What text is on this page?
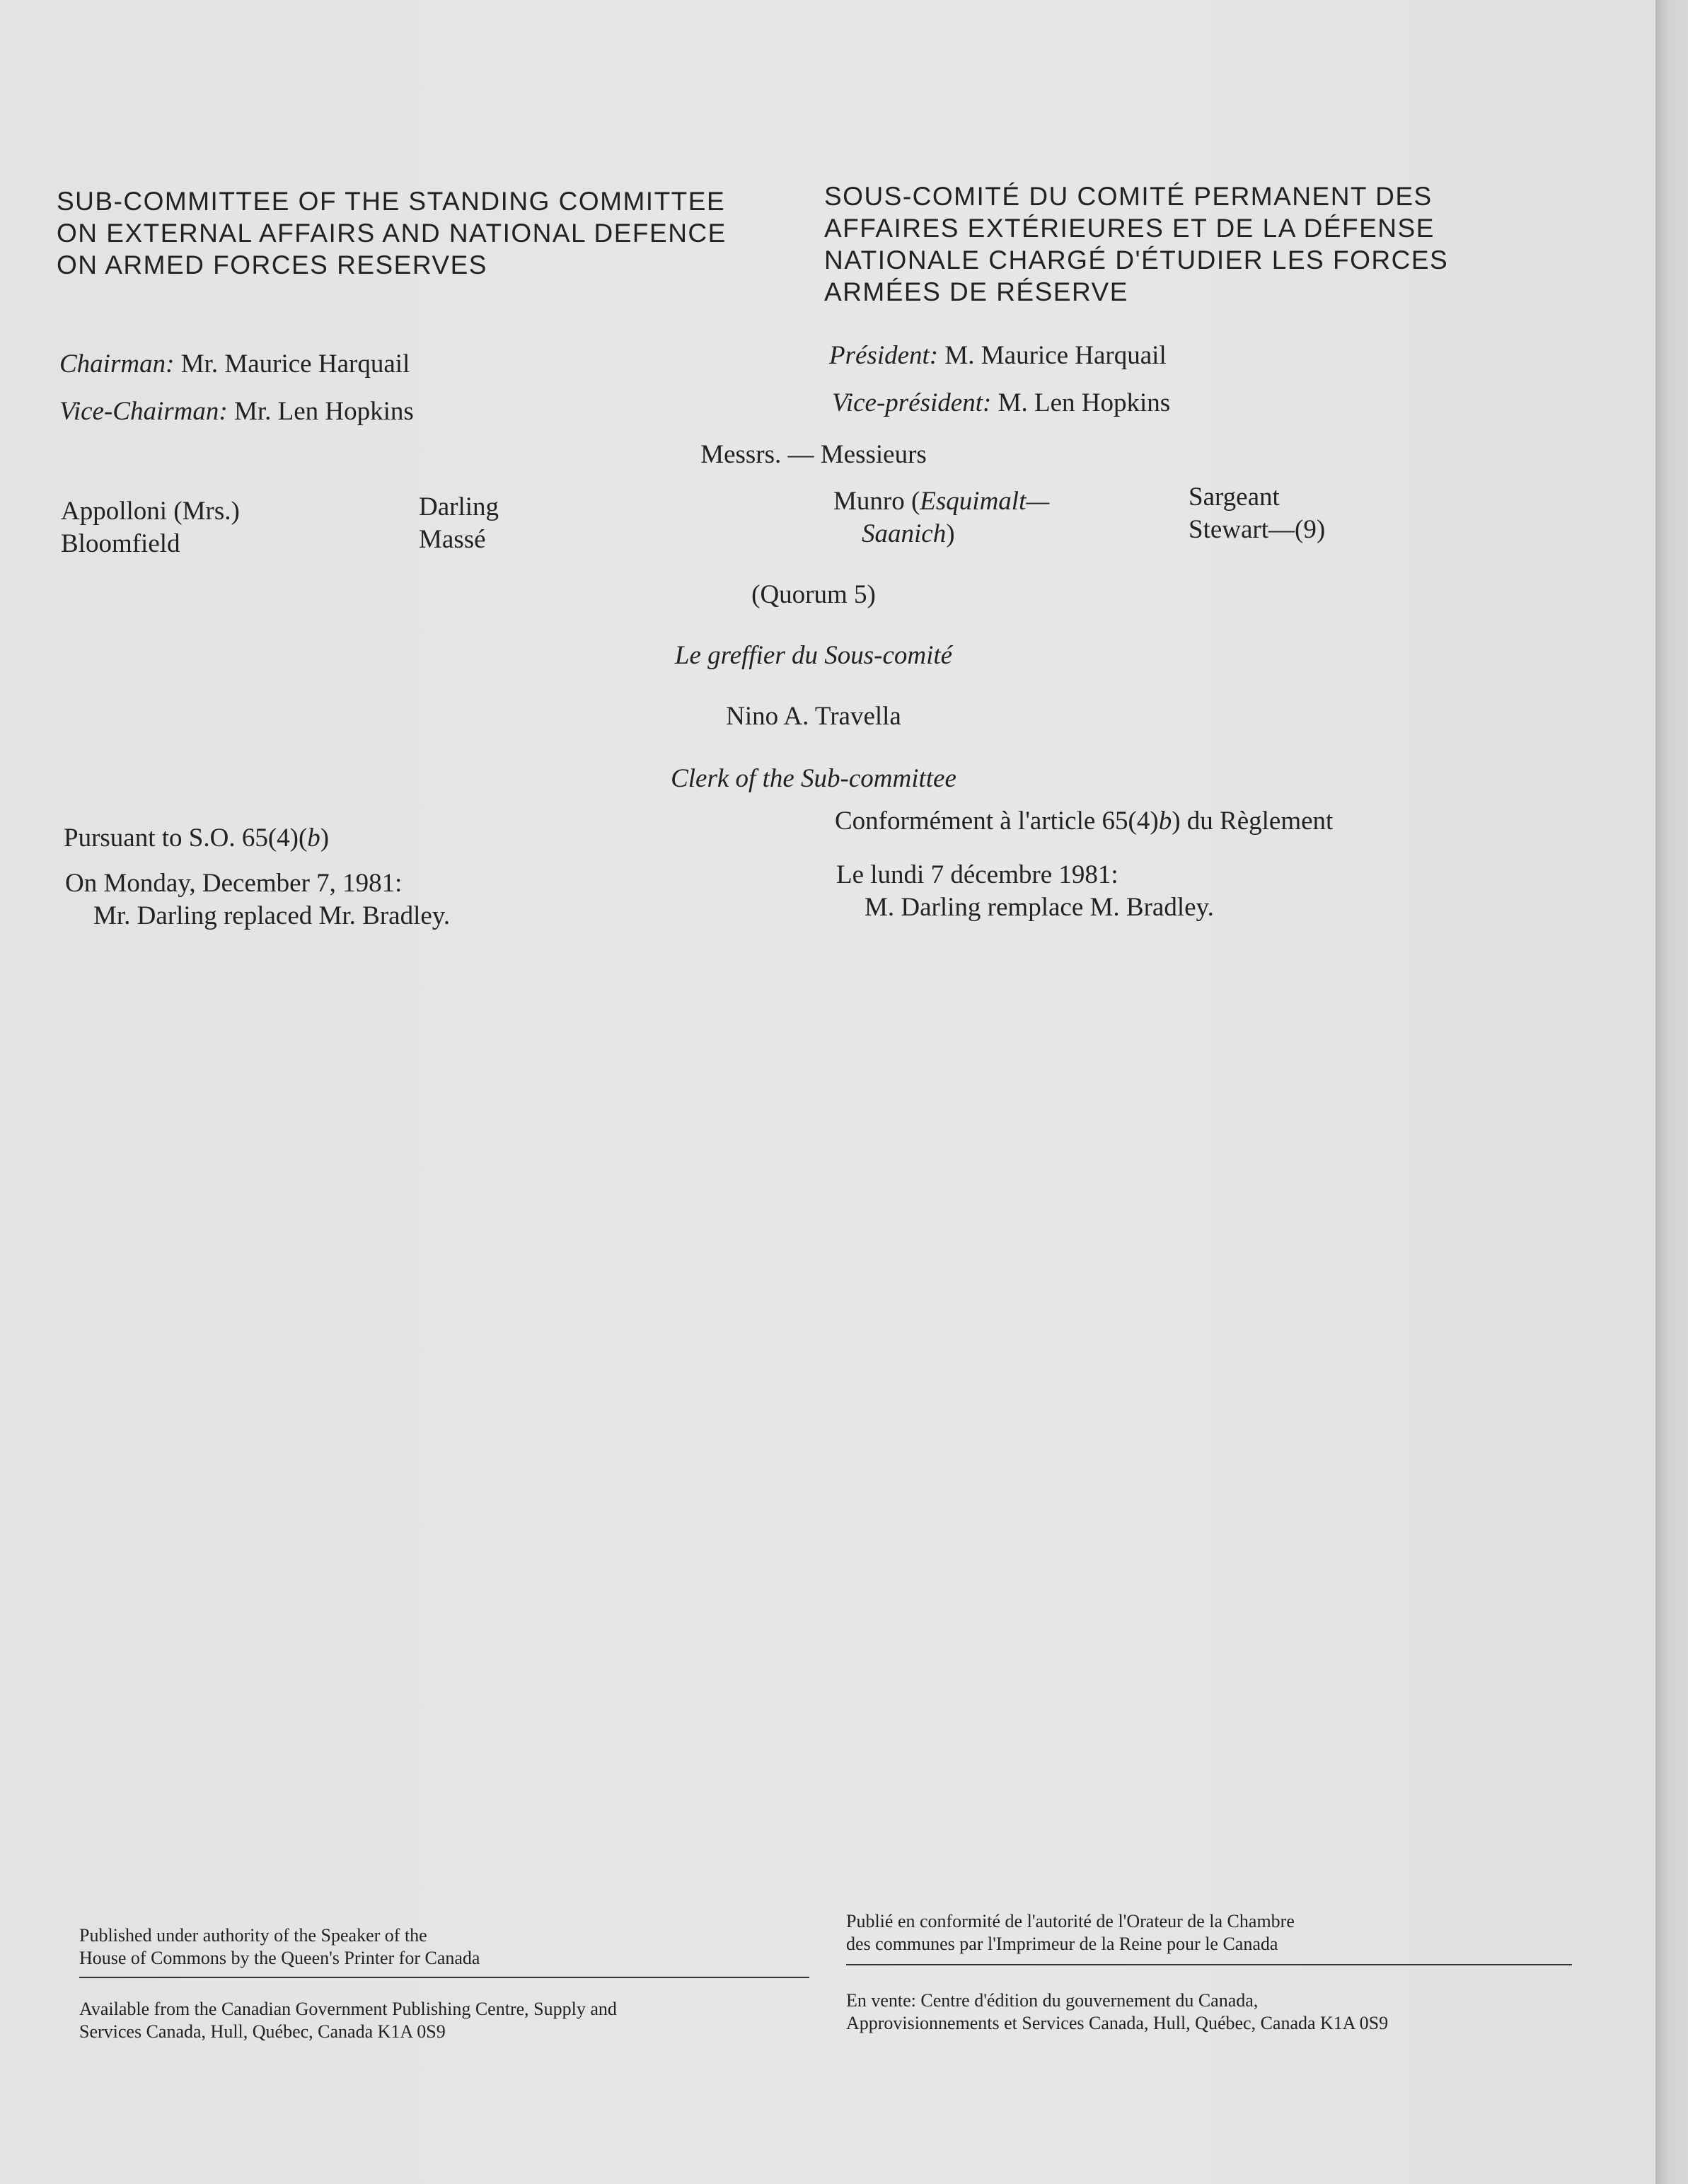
SUB-COMMITTEE OF THE STANDING COMMITTEE
ON EXTERNAL AFFAIRS AND NATIONAL DEFENCE
ON ARMED FORCES RESERVES
SOUS-COMITÉ DU COMITÉ PERMANENT DES
AFFAIRES EXTÉRIEURES ET DE LA DÉFENSE
NATIONALE CHARGÉ D'ÉTUDIER LES FORCES
ARMÉES DE RÉSERVE
Chairman: Mr. Maurice Harquail
Vice-Chairman: Mr. Len Hopkins
Président: M. Maurice Harquail
Vice-président: M. Len Hopkins
Messrs. — Messieurs
Appolloni (Mrs.)
Bloomfield
Darling
Massé
Munro (Esquimalt—
Saanich)
Sargeant
Stewart—(9)
(Quorum 5)
Le greffier du Sous-comité
Nino A. Travella
Clerk of the Sub-committee
Pursuant to S.O. 65(4)(b)
Conformément à l'article 65(4)b) du Règlement
On Monday, December 7, 1981:
Mr. Darling replaced Mr. Bradley.
Le lundi 7 décembre 1981:
M. Darling remplace M. Bradley.
Published under authority of the Speaker of the
House of Commons by the Queen's Printer for Canada
Available from the Canadian Government Publishing Centre, Supply and
Services Canada, Hull, Québec, Canada K1A 0S9
Publié en conformité de l'autorité de l'Orateur de la Chambre
des communes par l'Imprimeur de la Reine pour le Canada
En vente: Centre d'édition du gouvernement du Canada,
Approvisionnements et Services Canada, Hull, Québec, Canada K1A 0S9
